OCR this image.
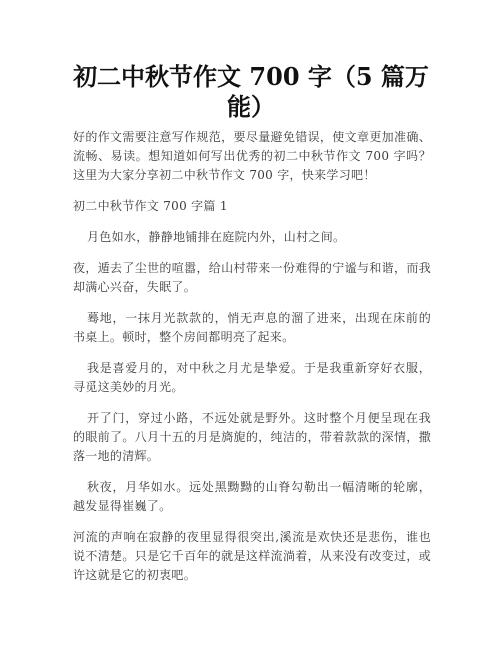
初二中秋节作文 700 字（5 篇万能）

好的作文需要注意写作规范，要尽量避免错误，使文章更加准确、流畅、易读。想知道如何写出优秀的初二中秋节作文 700 字吗？这里为大家分享初二中秋节作文 700 字，快来学习吧！

初二中秋节作文 700 字篇 1

月色如水，静静地铺排在庭院内外，山村之间。

夜，遁去了尘世的喧嚣，给山村带来一份难得的宁谧与和谐，而我却满心兴奋，失眠了。

蓦地，一抹月光款款的，悄无声息的溜了进来，出现在床前的书桌上。顿时，整个房间都明亮了起来。

我是喜爱月的，对中秋之月尤是挚爱。于是我重新穿好衣服，寻觅这美妙的月光。

开了门，穿过小路，不远处就是野外。这时整个月便呈现在我的眼前了。八月十五的月是旖旎的，纯洁的，带着款款的深情，撒落一地的清辉。

秋夜，月华如水。远处黑黝黝的山脊勾勒出一幅清晰的轮廓，越发显得崔巍了。

河流的声响在寂静的夜里显得很突出,溪流是欢快还是悲伤，谁也说不清楚。只是它千百年的就是这样流淌着，从来没有改变过，或许这就是它的初衷吧。
